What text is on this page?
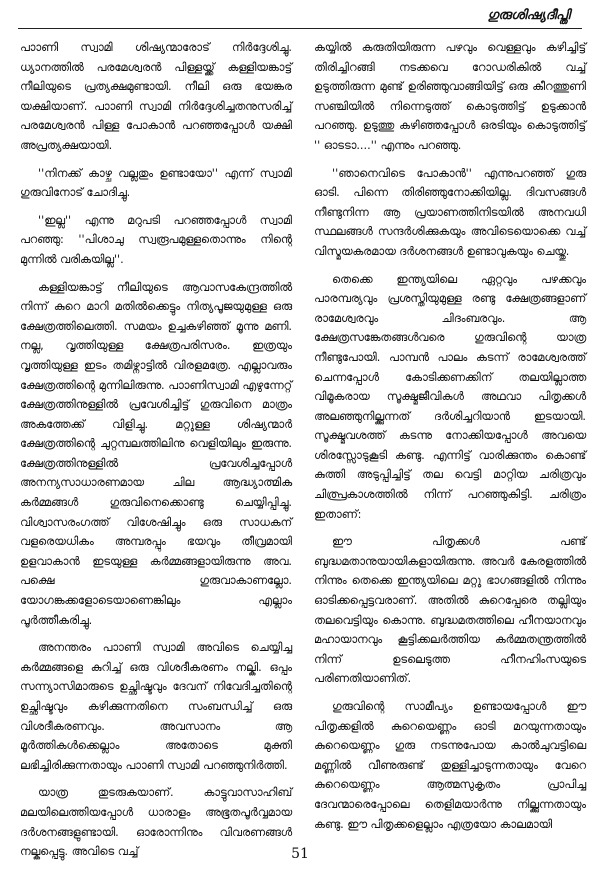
ഗുരുശിഷ്യദീപ്തി

പാാണി സ്വാമി ശിഷ്യന്മാരോട് നിർദ്ദേശിച്ചു. ധ്യാനത്തിൽ പരമേശ്വരൻ പിള്ളയ്ക്ക് കള്ളിയങ്കാട്ട് നീലിയുടെ പ്രത്യക്ഷമുണ്ടായി. നീലി ഒരു ഭയങ്കര യക്ഷിയാണ്. പാാണി സ്വാമി നിർദ്ദേശിച്ചതനുസരിച്ച് പരമേശ്വരൻ പിള്ള പോകാൻ പറഞ്ഞപ്പോൾ യക്ഷി അപ്രത്യക്ഷയായി.

''നിനക്ക് കാഴ്ച വല്ലതും ഉണ്ടായോ'' എന്ന് സ്വാമി ഗുരുവിനോട് ചോദിച്ചു.

''ഇല്ല'' എന്നു മറുപടി പറഞ്ഞപ്പോൾ സ്വാമി പറഞ്ഞു: ''പിശാചു സ്വരൂപമുള്ളതൊന്നും നിന്റെ മുന്നിൽ വരികയില്ല''.

കള്ളിയങ്കാട്ട് നീലിയുടെ ആവാസകേന്ദ്രത്തിൽ നിന്ന് കുറെ മാറി മതിൽക്കെട്ടും നിത്യപൂജയുമുള്ള ഒരു ക്ഷേത്രത്തിലെത്തി. സമയം ഉച്ചകഴിഞ്ഞ് മൂന്നു മണി. നല്ല, വൃത്തിയുള്ള ക്ഷേത്രപരിസരം. ഇത്രയും വൃത്തിയുള്ള ഇടം തമിഴ്നാട്ടിൽ വിരളമത്രേ. എല്ലാവരും ക്ഷേത്രത്തിന്റെ മുന്നിലിരുന്നു. പാാണിസ്വാമി എഴുന്നേറ്റ് ക്ഷേത്രത്തിനുള്ളിൽ പ്രവേശിച്ചിട്ട് ഗുരുവിനെ മാത്രം അകത്തേക്ക് വിളിച്ചു. മറ്റുള്ള ശിഷ്യന്മാർ ക്ഷേത്രത്തിന്റെ ചുറ്റമ്പലത്തിലിനു വെളിയിലും ഇരുന്നു. ക്ഷേത്രത്തിനുള്ളിൽ പ്രവേശിച്ചപ്പോൾ അനന്യസാധാരണമായ ചില ആദ്ധ്യാത്മിക കർമ്മങ്ങൾ ഗുരുവിനെക്കൊണ്ടു ചെയ്യിപ്പിച്ചു. വിശ്വാസരംഗത്ത് വിശേഷിച്ചും ഒരു സാധകന് വളരെയധികം അമ്പരപ്പും ഭയവും തീവ്രമായി ഉളവാകാൻ ഇടയുള്ള കർമ്മങ്ങളായിരുന്നു അവ. പക്ഷെ ഗുരുവാകാണല്ലോ. യോഗങ്കക്കളോടെയാണെങ്കിലും എല്ലാം പൂർത്തീകരിച്ചു.

അനന്തരം പാാണി സ്വാമി അവിടെ ചെയ്യിച്ച കർമ്മങ്ങളെ കുറിച്ച് ഒരു വിശദീകരണം നല്കി. ഒപ്പം സന്ന്യാസിമാരുടെ ഉച്ഛിഷ്ടവും ദേവന് നിവേദിച്ചതിന്റെ ഉച്ഛിഷ്ടവും കഴിക്കുന്നതിനെ സംബന്ധിച്ച് ഒരു വിശദീകരണവും. അവസാനം ആ മൂർത്തികൾക്കെല്ലാം അതോടെ മുക്തി ലഭിച്ചിരിക്കുന്നതായും പാാണി സ്വാമി പറഞ്ഞുനിർത്തി.

യാത്ര തുടരുകയാണ്. കാട്ടുവാസാഹിബ് മലയിലെത്തിയപ്പോൾ ധാരാളം അഭൂതപൂർവ്വമായ ദർശനങ്ങളുണ്ടായി. ഓരോന്നിനും വിവരണങ്ങൾ നല്കപ്പെട്ടു. അവിടെ വച്ച്

കയ്യിൽ കരുതിയിരുന്ന പഴവും വെള്ളവും കഴിച്ചിട്ട് തിരിച്ചിറങ്ങി നടക്കവെ റോഡരികിൽ വച്ച് ഉടുത്തിരുന്ന മുണ്ട് ഉരിഞ്ഞുവാങ്ങിയിട്ട് ഒരു കീറത്തുണി സഞ്ചിയിൽ നിന്നെടുത്ത് കൊടുത്തിട്ട് ഉടുക്കാൻ പറഞ്ഞു. ഉടുത്തു കഴിഞ്ഞപ്പോൾ ഒരടിയും കൊടുത്തിട്ട് '' ഓടടാ....'' എന്നും പറഞ്ഞു.

''ഞാനെവിടെ പോകാൻ'' എന്നുപറഞ്ഞ് ഗുരു ഓടി. പിന്നെ തിരിഞ്ഞുനോക്കിയില്ല. ദിവസങ്ങൾ നീണ്ടുനിന്ന ആ പ്രയാണത്തിനിടയിൽ അനവധി സ്ഥലങ്ങൾ സന്ദർശിക്കുകയും അവിടെയൊക്കെ വച്ച് വിസ്മയകരമായ ദർശനങ്ങൾ ഉണ്ടാവുകയും ചെയ്തു.

തെക്കെ ഇന്ത്യയിലെ ഏറ്റവും പഴക്കവും പാരമ്പര്യവും പ്രശസ്തിയുമുള്ള രണ്ടു ക്ഷേത്രങ്ങളാണ് രാമേശ്വരവും ചിദംബരവും. ആ ക്ഷേത്രസങ്കേതങ്ങൾവരെ ഗുരുവിന്റെ യാത്ര നീണ്ടുപോയി. പാമ്പൻ പാലം കടന്ന് രാമേശ്വരത്ത് ചെന്നപ്പോൾ കോടിക്കണക്കിന് തലയില്ലാത്ത വിമൂകരായ സൂക്ഷ്മജീവികൾ അഥവാ പിതൃക്കൾ അലഞ്ഞുനില്ക്കുന്നത് ദർശിച്ചറിയാൻ ഇടയായി. സൂക്ഷ്മവശത്ത് കടന്നു നോക്കിയപ്പോൾ അവയെ ശിരസ്സോടുകൂടി കണ്ടു. എന്നിട്ട് വാരിക്കുന്തം കൊണ്ട് കുത്തി അടുപ്പിച്ചിട്ട് തല വെട്ടി മാറ്റിയ ചരിത്രവും ചിത്പ്രകാശത്തിൽ നിന്ന് പറഞ്ഞുകിട്ടി. ചരിത്രം ഇതാണ്:

ഈ പിതൃക്കൾ പണ്ട് ബുദ്ധമതാനുയായികളായിരുന്നു. അവർ കേരളത്തിൽ നിന്നും തെക്കെ ഇന്ത്യയിലെ മറ്റു ഭാഗങ്ങളിൽ നിന്നും ഓടിക്കപ്പെട്ടവരാണ്. അതിൽ കുറെപ്പേരെ തല്ലിയും തലവെട്ടിയും കൊന്നു. ബുദ്ധമതത്തിലെ ഹീനയാനവും മഹായാനവും കൂട്ടിക്കലർത്തിയ കർമ്മതന്ത്രത്തിൽ നിന്ന് ഉടലെടുത്ത ഹീനഹിംസയുടെ പരിണതിയാണിത്.

ഗുരുവിന്റെ സാമീപ്യം ഉണ്ടായപ്പോൾ ഈ പിതൃക്കളിൽ കുറെയെണ്ണം ഓടി മറയുന്നതായും കുറെയെണ്ണം ഗുരു നടന്നുപോയ കാൽചുവട്ടിലെ മണ്ണിൽ വീണുരുണ്ട് തുള്ളിച്ചാടുന്നതായും വേറെ കുറെയെണ്ണം ആത്മസുകൃതം പ്രാപിച്ച ദേവന്മാരെപ്പോലെ തെളിമയാർന്നു നില്ക്കുന്നതായും കണ്ടു. ഈ പിതൃക്കളെല്ലാം എത്രയോ കാലമായി

51
